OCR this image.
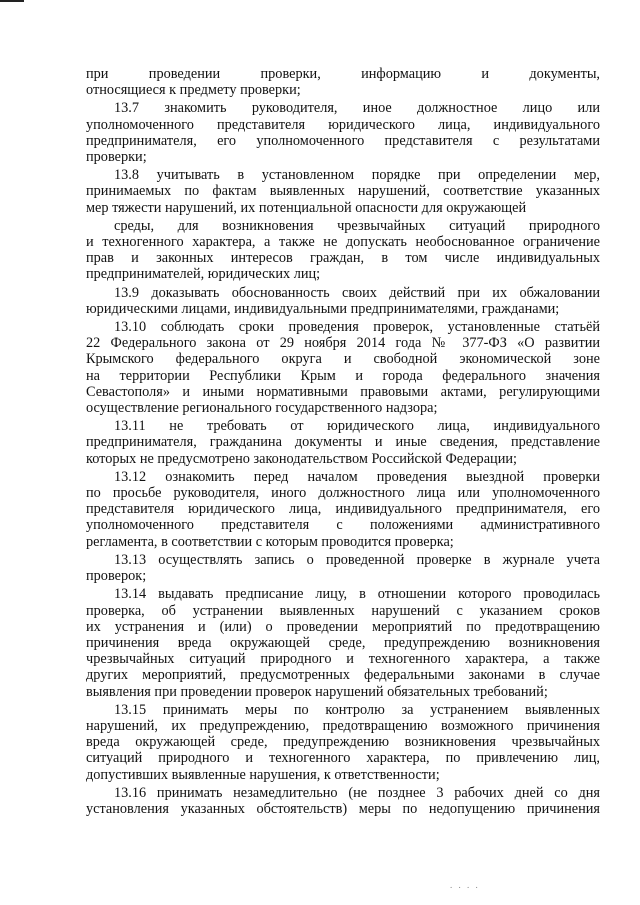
при проведении проверки, информацию и документы,
относящиеся к предмету проверки;
13.7 знакомить руководителя, иное должностное лицо или
уполномоченного представителя юридического лица, индивидуального
предпринимателя, его уполномоченного представителя с результатами
проверки;
13.8 учитывать в установленном порядке при определении мер,
принимаемых по фактам выявленных нарушений, соответствие указанных
мер тяжести нарушений, их потенциальной опасности для окружающей
среды, для возникновения чрезвычайных ситуаций природного
и техногенного характера, а также не допускать необоснованное ограничение
прав и законных интересов граждан, в том числе индивидуальных
предпринимателей, юридических лиц;
13.9 доказывать обоснованность своих действий при их обжаловании
юридическими лицами, индивидуальными предпринимателями, гражданами;
13.10 соблюдать сроки проведения проверок, установленные статьёй
22 Федерального закона от 29 ноября 2014 года № 377-ФЗ «О развитии
Крымского федерального округа и свободной экономической зоне
на территории Республики Крым и города федерального значения
Севастополя» и иными нормативными правовыми актами, регулирующими
осуществление регионального государственного надзора;
13.11 не требовать от юридического лица, индивидуального
предпринимателя, гражданина документы и иные сведения, представление
которых не предусмотрено законодательством Российской Федерации;
13.12 ознакомить перед началом проведения выездной проверки
по просьбе руководителя, иного должностного лица или уполномоченного
представителя юридического лица, индивидуального предпринимателя, его
уполномоченного представителя с положениями административного
регламента, в соответствии с которым проводится проверка;
13.13 осуществлять запись о проведенной проверке в журнале учета
проверок;
13.14 выдавать предписание лицу, в отношении которого проводилась
проверка, об устранении выявленных нарушений с указанием сроков
их устранения и (или) о проведении мероприятий по предотвращению
причинения вреда окружающей среде, предупреждению возникновения
чрезвычайных ситуаций природного и техногенного характера, а также
других мероприятий, предусмотренных федеральными законами в случае
выявления при проведении проверок нарушений обязательных требований;
13.15 принимать меры по контролю за устранением выявленных
нарушений, их предупреждению, предотвращению возможного причинения
вреда окружающей среде, предупреждению возникновения чрезвычайных
ситуаций природного и техногенного характера, по привлечению лиц,
допустивших выявленные нарушения, к ответственности;
13.16 принимать незамедлительно (не позднее 3 рабочих дней со дня
установления указанных обстоятельств) меры по недопущению причинения
. . . .
